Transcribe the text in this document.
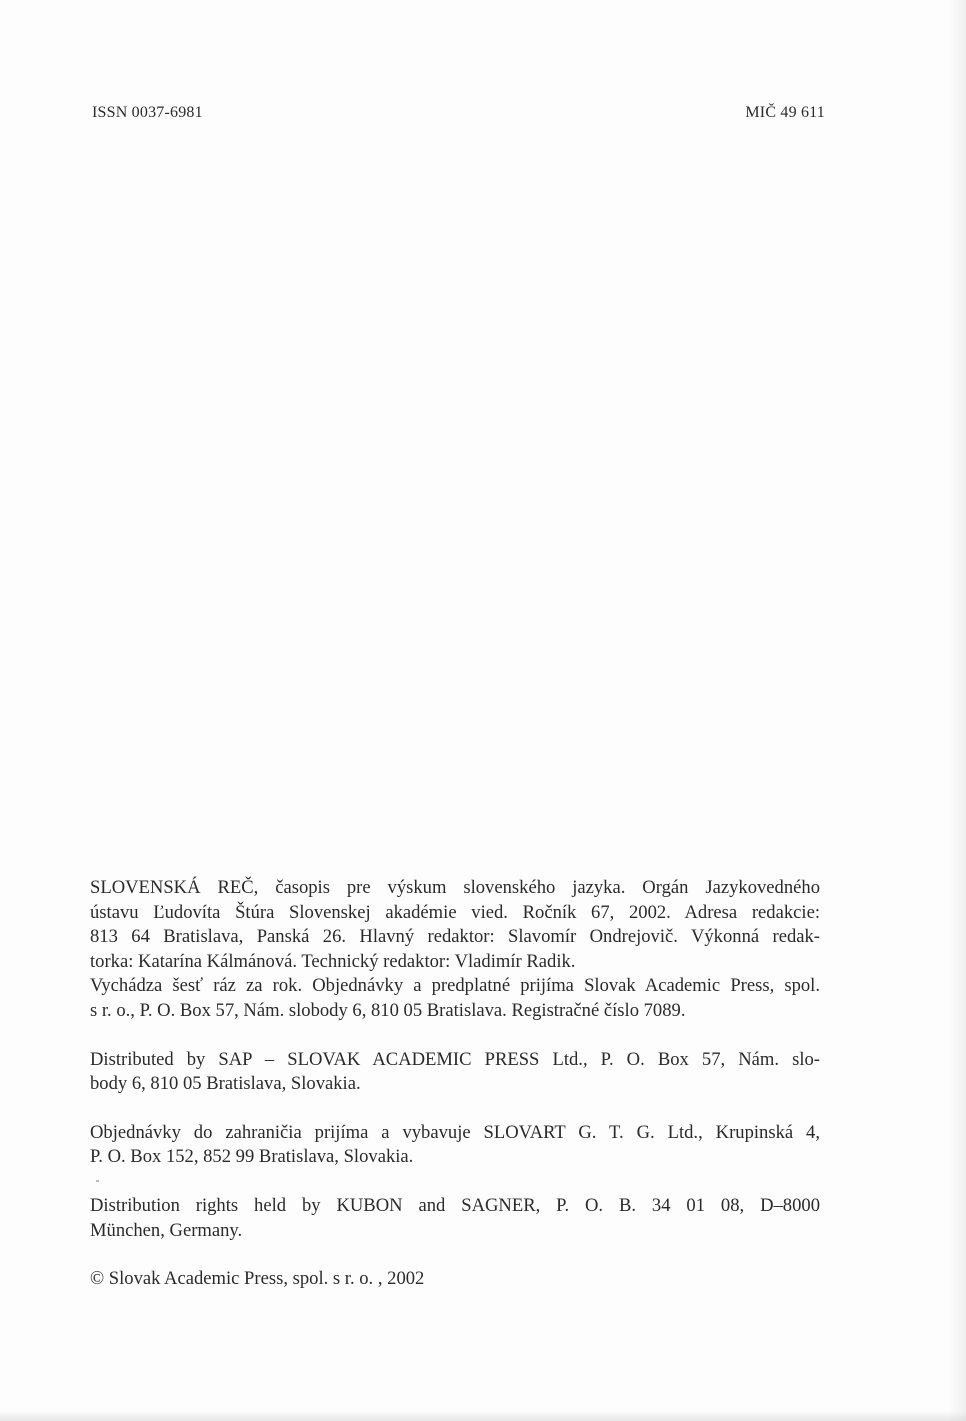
ISSN 0037-6981	MIČ 49 611

SLOVENSKÁ REČ, časopis pre výskum slovenského jazyka. Orgán Jazykovedného
ústavu Ľudovíta Štúra Slovenskej akadémie vied. Ročník 67, 2002. Adresa redakcie:
813 64 Bratislava, Panská 26. Hlavný redaktor: Slavomír Ondrejovič. Výkonná redak-
torka: Katarína Kálmánová. Technický redaktor: Vladimír Radik.

Vychádza šesť ráz za rok. Objednávky a predplatné prijíma Slovak Academic Press, spol.
s r. o., P. O. Box 57, Nám. slobody 6, 810 05 Bratislava. Registračné číslo 7089.

Distributed by SAP – SLOVAK ACADEMIC PRESS Ltd., P. O. Box 57, Nám. slo-
body 6, 810 05 Bratislava, Slovakia.

Objednávky do zahraničia prijíma a vybavuje SLOVART G. T. G. Ltd., Krupinská 4,
P. O. Box 152, 852 99 Bratislava, Slovakia.

Distribution rights held by KUBON and SAGNER, P. O. B. 34 01 08, D–8000
München, Germany.

© Slovak Academic Press, spol. s r. o. , 2002
